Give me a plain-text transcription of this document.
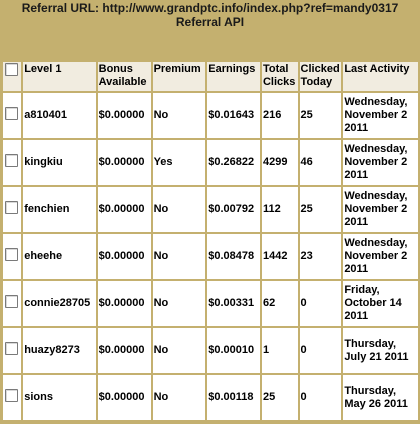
Referral URL: http://www.grandptc.info/index.php?ref=mandy0317
Referral API
	Level 1	Bonus Available	Premium	Earnings	Total Clicks	Clicked Today	Last Activity
	a810401	$0.00000	No	$0.01643	216	25	Wednesday, November 2 2011
	kingkiu	$0.00000	Yes	$0.26822	4299	46	Wednesday, November 2 2011
	fenchien	$0.00000	No	$0.00792	112	25	Wednesday, November 2 2011
	eheehe	$0.00000	No	$0.08478	1442	23	Wednesday, November 2 2011
	connie28705	$0.00000	No	$0.00331	62	0	Friday, October 14 2011
	huazy8273	$0.00000	No	$0.00010	1	0	Thursday, July 21 2011
	sions	$0.00000	No	$0.00118	25	0	Thursday, May 26 2011
